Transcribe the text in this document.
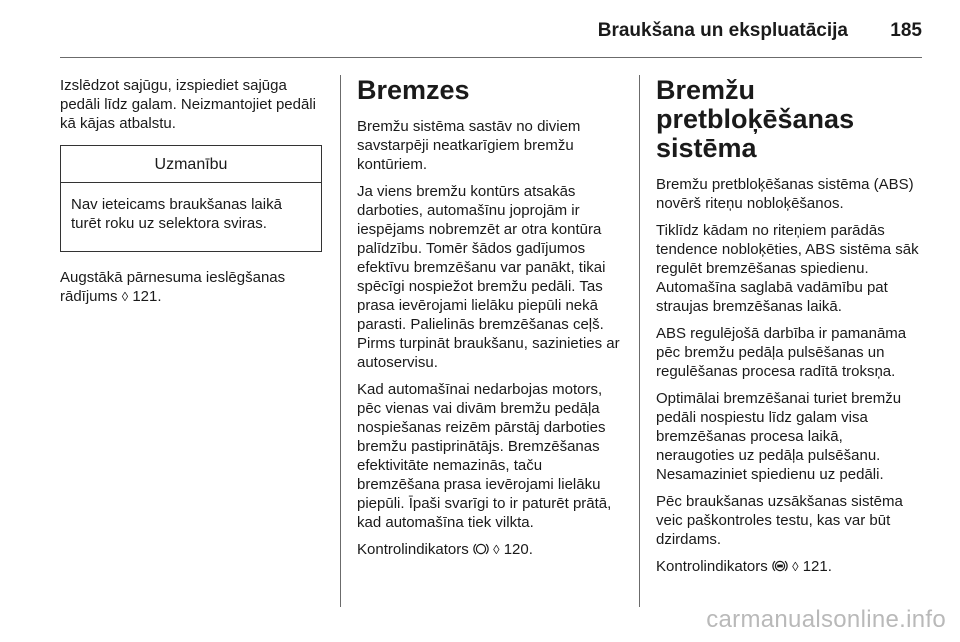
Braukšana un ekspluatācija 185

Izslēdzot sajūgu, izspiediet sajūga pedāli līdz galam. Neizmantojiet pedāli kā kājas atbalstu.

Uzmanību

Nav ieteicams braukšanas laikā turēt roku uz selektora sviras.

Augstākā pārnesuma ieslēgšanas rādījums ◊ 121.

Bremzes

Bremžu sistēma sastāv no diviem savstarpēji neatkarīgiem bremžu kontūriem.

Ja viens bremžu kontūrs atsakās darboties, automašīnu joprojām ir iespējams nobremzēt ar otra kontūra palīdzību. Tomēr šādos gadījumos efektīvu bremzēšanu var panākt, tikai spēcīgi nospiežot bremžu pedāli. Tas prasa ievērojami lielāku piepūli nekā parasti. Palielinās bremzēšanas ceļš. Pirms turpināt braukšanu, sazinieties ar autoservisu.

Kad automašīnai nedarbojas motors, pēc vienas vai divām bremžu pedāļa nospiešanas reizēm pārstāj darboties bremžu pastiprinātājs. Bremzēšanas efektivitāte nemazinās, taču bremzēšana prasa ievērojami lielāku piepūli. Īpaši svarīgi to ir paturēt prātā, kad automašīna tiek vilkta.

Kontrolindikators ◊ 120.

Bremžu pretbloķēšanas sistēma

Bremžu pretbloķēšanas sistēma (ABS) novērš riteņu nobloķēšanos.

Tiklīdz kādam no riteņiem parādās tendence nobloķēties, ABS sistēma sāk regulēt bremzēšanas spiedienu. Automašīna saglabā vadāmību pat straujas bremzēšanas laikā.

ABS regulējošā darbība ir pamanāma pēc bremžu pedāļa pulsēšanas un regulēšanas procesa radītā troksņa.

Optimālai bremzēšanai turiet bremžu pedāli nospiestu līdz galam visa bremzēšanas procesa laikā, neraugoties uz pedāļa pulsēšanu. Nesamaziniet spiedienu uz pedāli.

Pēc braukšanas uzsākšanas sistēma veic paškontroles testu, kas var būt dzirdams.

Kontrolindikators ◊ 121.

carmanualsonline.info
